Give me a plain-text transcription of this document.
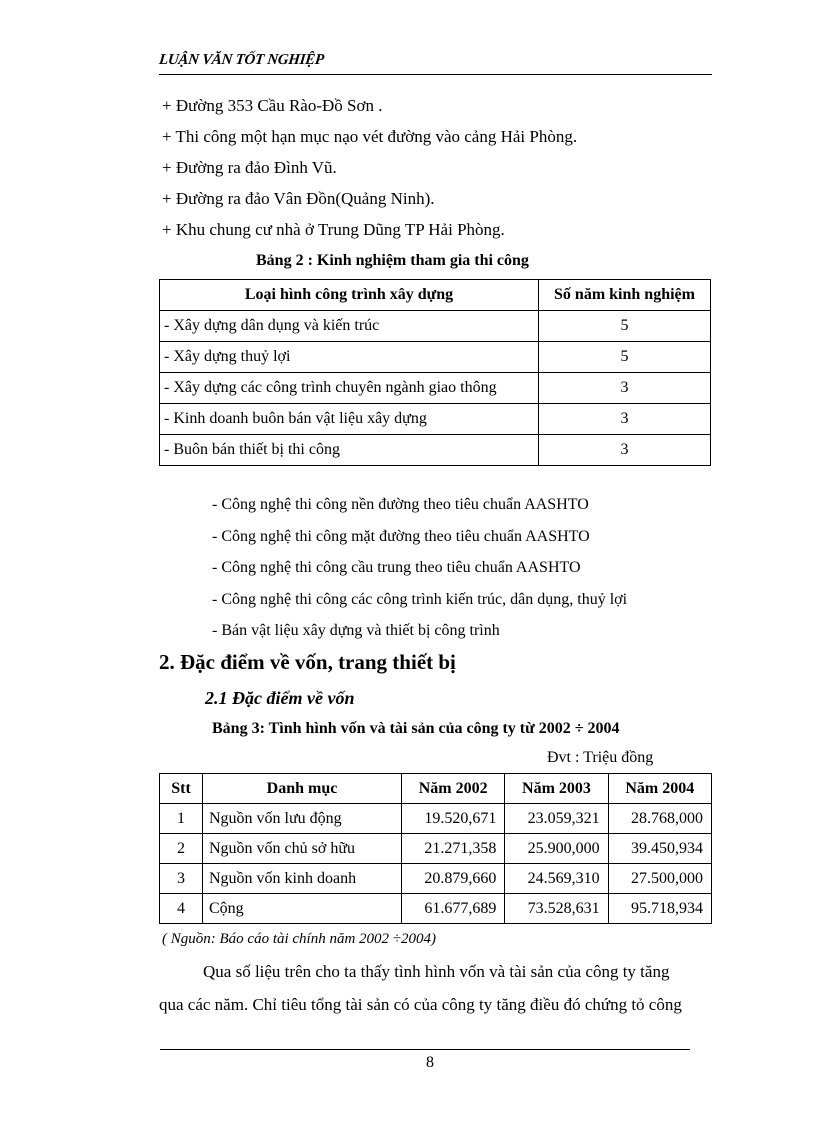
LUẬN VĂN TỐT NGHIỆP
+ Đường 353 Cầu Rào-Đồ Sơn .
+ Thi công một hạn mục nạo vét đường vào cảng Hải Phòng.
+ Đường ra đảo Đình Vũ.
+ Đường ra đảo Vân Đồn(Quảng Ninh).
+ Khu chung cư nhà ở Trung Dũng TP Hải Phòng.
Bảng 2 : Kinh nghiệm tham gia thi công
Loại hình công trình xây dựng	Số năm kinh nghiệm
- Xây dựng dân dụng và kiến trúc	5
- Xây dựng thuỷ lợi	5
- Xây dựng các công trình chuyên ngành giao thông	3
- Kinh doanh buôn bán vật liệu xây dựng	3
- Buôn bán thiết bị thi công	3
- Công nghệ thi công nền đường theo tiêu chuẩn AASHTO
- Công nghệ thi công mặt đường theo tiêu chuẩn AASHTO
- Công nghệ thi công cầu trung theo tiêu chuẩn AASHTO
- Công nghệ thi công các công trình kiến trúc, dân dụng, thuỷ lợi
- Bán vật liệu xây dựng và thiết bị công trình
2. Đặc điểm về vốn, trang thiết bị
2.1 Đặc điểm về vốn
Bảng 3: Tình hình vốn và tài sản của công ty từ 2002 ÷ 2004
Đvt : Triệu đồng
Stt	Danh mục	Năm 2002	Năm 2003	Năm 2004
1	Nguồn vốn lưu động	19.520,671	23.059,321	28.768,000
2	Nguồn vốn chủ sở hữu	21.271,358	25.900,000	39.450,934
3	Nguồn vốn kinh doanh	20.879,660	24.569,310	27.500,000
4	Cộng	61.677,689	73.528,631	95.718,934
( Nguồn: Báo cáo tài chính năm 2002 ÷2004)
Qua số liệu trên cho ta thấy tình hình vốn và tài sản của công ty tăng
qua các năm. Chỉ tiêu tổng tài sản có của công ty tăng điều đó chứng tỏ công
8
